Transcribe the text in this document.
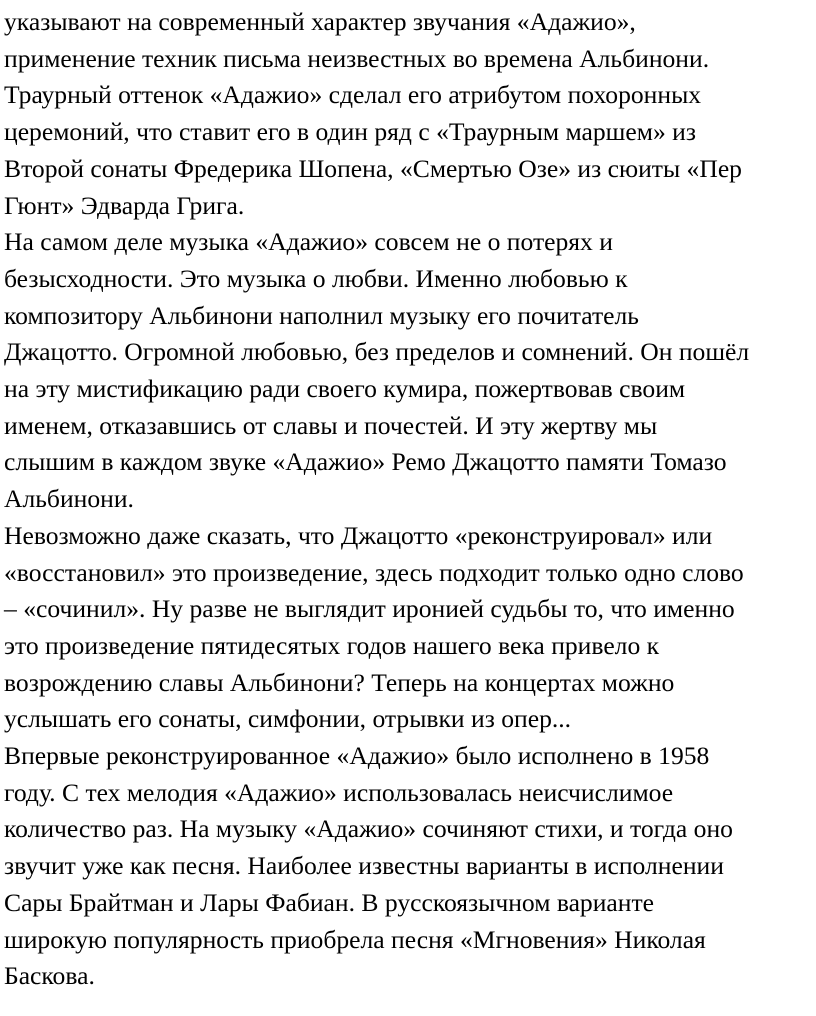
указывают на современный характер звучания «Адажио»,
применение техник письма неизвестных во времена Альбинони.
Траурный оттенок «Адажио» сделал его атрибутом похоронных
церемоний, что ставит его в один ряд с «Траурным маршем» из
Второй сонаты Фредерика Шопена, «Смертью Озе» из сюиты «Пер
Гюнт» Эдварда Грига.
На самом деле музыка «Адажио» совсем не о потерях и
безысходности. Это музыка о любви. Именно любовью к
композитору Альбинони наполнил музыку его почитатель
Джацотто. Огромной любовью, без пределов и сомнений. Он пошёл
на эту мистификацию ради своего кумира, пожертвовав своим
именем, отказавшись от славы и почестей. И эту жертву мы
слышим в каждом звуке «Адажио» Ремо Джацотто памяти Томазо
Альбинони.
Невозможно даже сказать, что Джацотто «реконструировал» или
«восстановил» это произведение, здесь подходит только одно слово
– «сочинил». Ну разве не выглядит иронией судьбы то, что именно
это произведение пятидесятых годов нашего века привело к
возрождению славы Альбинони? Теперь на концертах можно
услышать его сонаты, симфонии, отрывки из опер...
Впервые реконструированное «Адажио» было исполнено в 1958
году. С тех мелодия «Адажио» использовалась неисчислимое
количество раз. На музыку «Адажио» сочиняют стихи, и тогда оно
звучит уже как песня. Наиболее известны варианты в исполнении
Сары Брайтман и Лары Фабиан. В русскоязычном варианте
широкую популярность приобрела песня «Мгновения» Николая
Баскова.
